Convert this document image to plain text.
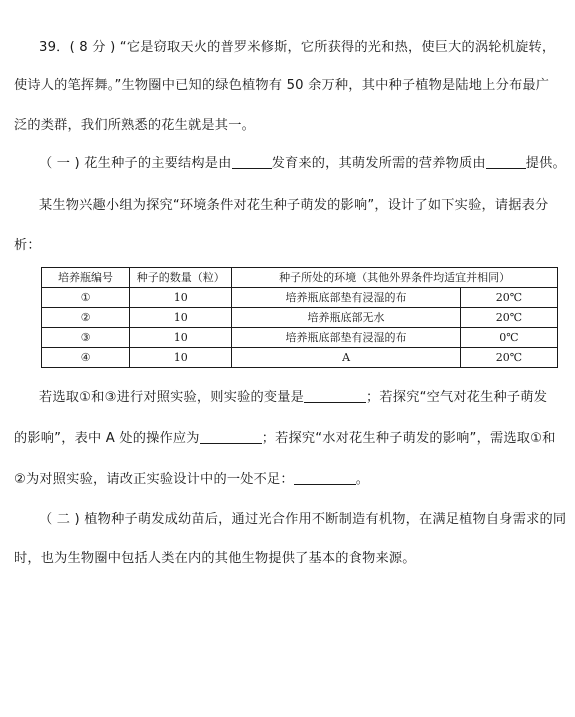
39．( 8 分 ) “它是窃取天火的普罗米修斯，它所获得的光和热，使巨大的涡轮机旋转，
使诗人的笔挥舞。”生物圈中已知的绿色植物有 50 余万种，其中种子植物是陆地上分布最广
泛的类群，我们所熟悉的花生就是其一。
（ 一 ) 花生种子的主要结构是由	发育来的，其萌发所需的营养物质由	提供。
某生物兴趣小组为探究“环境条件对花生种子萌发的影响”，设计了如下实验，请据表分
析：
培养瓶编号	种子的数量（粒）	种子所处的环境（其他外界条件均适宜并相同）	
①	10	培养瓶底部垫有浸湿的布	20℃
②	10	培养瓶底部无水	20℃
③	10	培养瓶底部垫有浸湿的布	0℃
④	10	A	20℃
若选取①和③进行对照实验，则实验的变量是	；若探究“空气对花生种子萌发
的影响”，表中 A 处的操作应为	；若探究“水对花生种子萌发的影响”，需选取①和
②为对照实验，请改正实验设计中的一处不足：	。
（ 二 ) 植物种子萌发成幼苗后，通过光合作用不断制造有机物，在满足植物自身需求的同
时，也为生物圈中包括人类在内的其他生物提供了基本的食物来源。
